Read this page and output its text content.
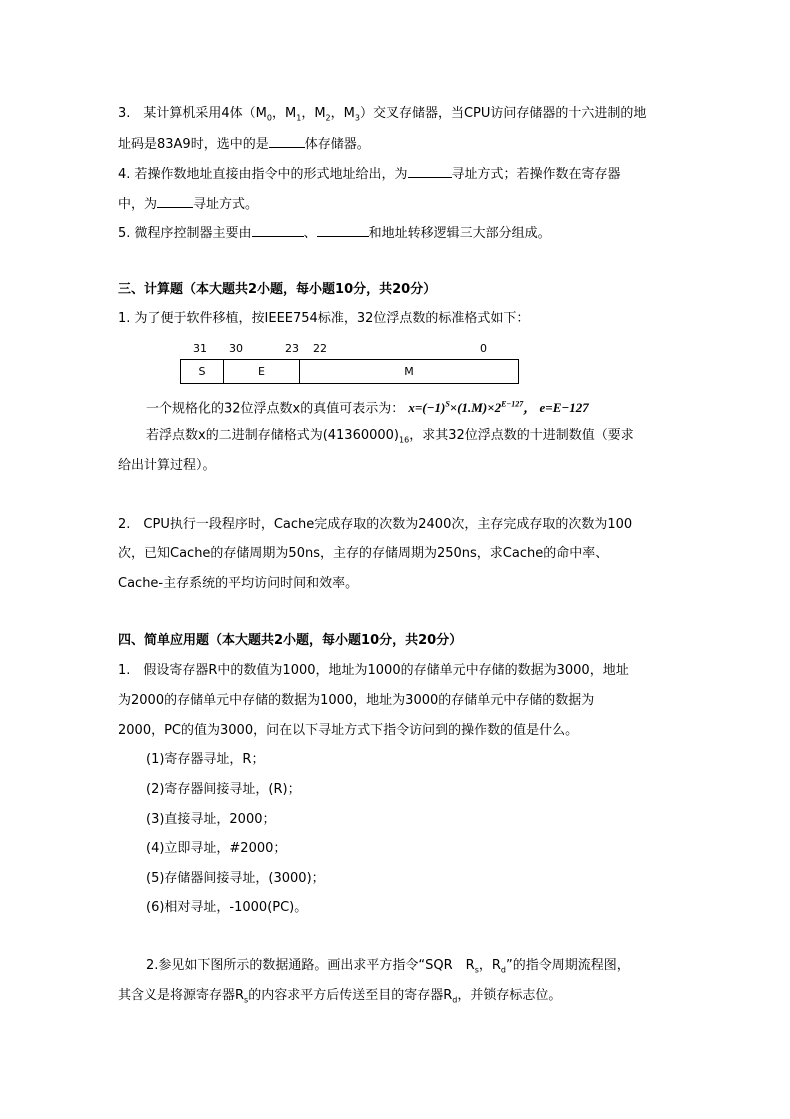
3.　某计算机采用4体（$M_0$，$M_1$，$M_2$，$M_3$）交叉存储器，当CPU访问存储器的十六进制的地
址码是83A9时，选中的是	体存储器。
4. 若操作数地址直接由指令中的形式地址给出，为	寻址方式；若操作数在寄存器
中，为	寻址方式。
5. 微程序控制器主要由	、	和地址转移逻辑三大部分组成。
三、计算题（本大题共2小题，每小题10分，共20分）
1. 为了便于软件移植，按IEEE754标准，32位浮点数的标准格式如下：
31 30	23 22	0
S	E	M
一个规格化的32位浮点数x的真值可表示为： $x=(-1)^S\times(1.M)\times 2^{E-127}$， e=E−127
若浮点数x的二进制存储格式为$(41360000)_{16}$，求其32位浮点数的十进制数值（要求
给出计算过程）。
2.　CPU执行一段程序时，Cache完成存取的次数为2400次，主存完成存取的次数为100
次，已知Cache的存储周期为50ns，主存的存储周期为250ns，求Cache的命中率、
Cache-主存系统的平均访问时间和效率。
四、简单应用题（本大题共2小题，每小题10分，共20分）
1.　假设寄存器R中的数值为1000，地址为1000的存储单元中存储的数据为3000，地址
为2000的存储单元中存储的数据为1000，地址为3000的存储单元中存储的数据为
2000，PC的值为3000，问在以下寻址方式下指令访问到的操作数的值是什么。
(1)寄存器寻址，R；
(2)寄存器间接寻址，(R)；
(3)直接寻址，2000；
(4)立即寻址，#2000；
(5)存储器间接寻址，(3000)；
(6)相对寻址，-1000(PC)。
2.参见如下图所示的数据通路。画出求平方指令“SQR　$R_s$，$R_d$”的指令周期流程图，
其含义是将源寄存器$R_s$的内容求平方后传送至目的寄存器$R_d$，并锁存标志位。
